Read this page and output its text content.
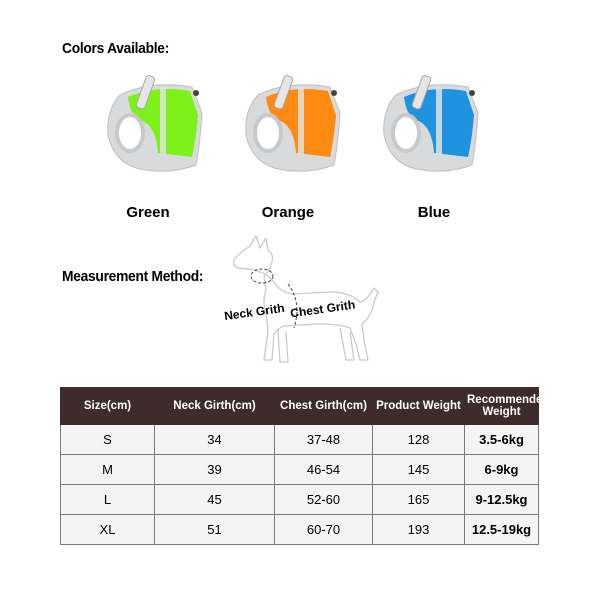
Colors Available:
Green	Orange	Blue
Measurement Method:
Neck Grith Chest Grith
Size(cm)	Neck Girth(cm)	Chest Girth(cm)	Product Weight	Recommended Weight
S	34	37-48	128	3.5-6kg
M	39	46-54	145	6-9kg
L	45	52-60	165	9-12.5kg
XL	51	60-70	193	12.5-19kg
